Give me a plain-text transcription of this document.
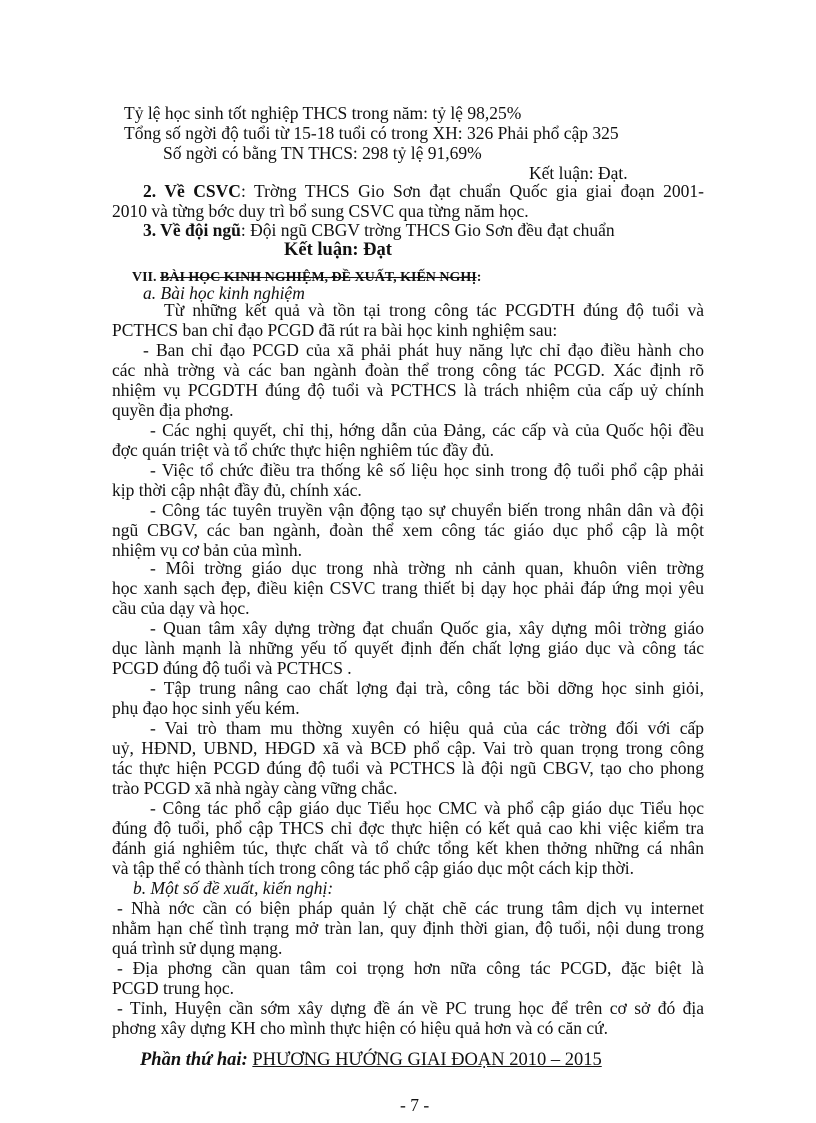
Tỷ lệ học sinh tốt nghiệp THCS trong năm: tỷ lệ 98,25%
Tổng số ngời độ tuổi từ 15-18 tuổi có trong XH: 326 Phải phổ cập 325
Số ngời có bằng TN THCS: 298 tỷ lệ 91,69%
Kết luận: Đạt.
2. Về CSVC: Trờng THCS Gio Sơn đạt chuẩn Quốc gia giai đoạn 2001-
2010 và từng bớc duy trì bổ sung CSVC qua từng năm học.
3. Về đội ngũ: Đội ngũ CBGV trờng THCS Gio Sơn đều đạt chuẩn
Kết luận: Đạt
VII. BÀI HỌC KINH NGHIỆM, ĐỀ XUẤT, KIẾN NGHỊ:
a. Bài học kinh nghiệm
Từ những kết quả và tồn tại trong công tác PCGDTH đúng độ tuổi và
PCTHCS ban chỉ đạo PCGD đã rút ra bài học kinh nghiệm sau:
- Ban chỉ đạo PCGD của xã phải phát huy năng lực chỉ đạo điều hành cho
các nhà trờng và các ban ngành đoàn thể trong công tác PCGD. Xác định rõ
nhiệm vụ PCGDTH đúng độ tuổi và PCTHCS là trách nhiệm của cấp uỷ chính
quyền địa phơng.
- Các nghị quyết, chỉ thị, hớng dẫn của Đảng, các cấp và của Quốc hội đều
đợc quán triệt và tổ chức thực hiện nghiêm túc đầy đủ.
- Việc tổ chức điều tra thống kê số liệu học sinh trong độ tuổi phổ cập phải
kịp thời cập nhật đầy đủ, chính xác.
- Công tác tuyên truyền vận động tạo sự chuyển biến trong nhân dân và đội
ngũ CBGV, các ban ngành, đoàn thể xem công tác giáo dục phổ cập là một
nhiệm vụ cơ bản của mình.
- Môi trờng giáo dục trong nhà trờng nh cảnh quan, khuôn viên trờng
học xanh sạch đẹp, điều kiện CSVC trang thiết bị dạy học phải đáp ứng mọi yêu
cầu của dạy và học.
- Quan tâm xây dựng trờng đạt chuẩn Quốc gia, xây dựng môi trờng giáo
dục lành mạnh là những yếu tố quyết định đến chất lợng giáo dục và công tác
PCGD đúng độ tuổi và PCTHCS .
- Tập trung nâng cao chất lợng đại trà, công tác bồi dỡng học sinh giỏi,
phụ đạo học sinh yếu kém.
- Vai trò tham mu thờng xuyên có hiệu quả của các trờng đối với cấp
uỷ, HĐND, UBND, HĐGD xã và BCĐ phổ cập. Vai trò quan trọng trong công
tác thực hiện PCGD đúng độ tuổi và PCTHCS là đội ngũ CBGV, tạo cho phong
trào PCGD xã nhà ngày càng vững chắc.
- Công tác phổ cập giáo dục Tiểu học CMC và phổ cập giáo dục Tiểu học
đúng độ tuổi, phổ cập THCS chỉ đợc thực hiện có kết quả cao khi việc kiểm tra
đánh giá nghiêm túc, thực chất và tổ chức tổng kết khen thởng những cá nhân
và tập thể có thành tích trong công tác phổ cập giáo dục một cách kịp thời.
b. Một số đề xuất, kiến nghị:
- Nhà nớc cần có biện pháp quản lý chặt chẽ các trung tâm dịch vụ internet
nhằm hạn chế tình trạng mở tràn lan, quy định thời gian, độ tuổi, nội dung trong
quá trình sử dụng mạng.
- Địa phơng cần quan tâm coi trọng hơn nữa công tác PCGD, đặc biệt là
PCGD trung học.
- Tỉnh, Huyện cần sớm xây dựng đề án về PC trung học để trên cơ sở đó địa
phơng xây dựng KH cho mình thực hiện có hiệu quả hơn và có căn cứ.
Phần thứ hai: PHƯƠNG HƯỚNG GIAI ĐOẠN 2010 – 2015
- 7 -
